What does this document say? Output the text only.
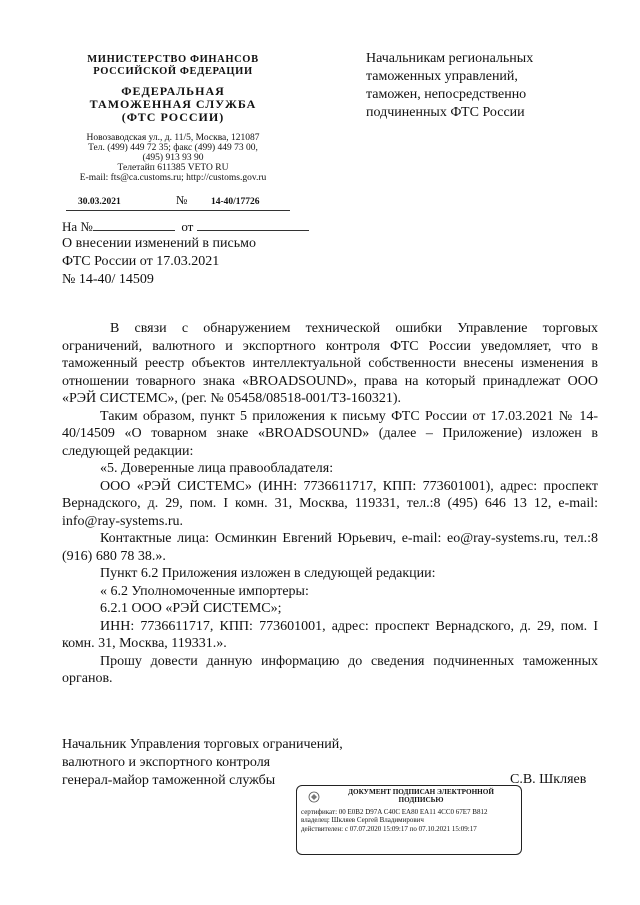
МИНИСТЕРСТВО ФИНАНСОВ
РОССИЙСКОЙ ФЕДЕРАЦИИ
ФЕДЕРАЛЬНАЯ
ТАМОЖЕННАЯ СЛУЖБА
(ФТС РОССИИ)
Новозаводская ул., д. 11/5, Москва, 121087
Тел. (499) 449 72 35; факс (499) 449 73 00,
(495) 913 93 90
Телетайп 611385 VETO RU
E-mail: fts@ca.customs.ru; http://customs.gov.ru
30.03.2021	№ 14-40/17726
На №	от
О внесении изменений в письмо
ФТС России от 17.03.2021
№ 14-40/ 14509
Начальникам региональных
таможенных управлений,
таможен, непосредственно
подчиненных ФТС России

В связи с обнаружением технической ошибки Управление торговых ограничений, валютного и экспортного контроля ФТС России уведомляет, что в таможенный реестр объектов интеллектуальной собственности внесены изменения в отношении товарного знака «BROADSOUND», права на который принадлежат ООО «РЭЙ СИСТЕМС», (рег. № 05458/08518-001/ТЗ-160321).

Таким образом, пункт 5 приложения к письму ФТС России от 17.03.2021 № 14-40/14509 «О товарном знаке «BROADSOUND» (далее – Приложение) изложен в следующей редакции:

«5. Доверенные лица правообладателя:

ООО «РЭЙ СИСТЕМС» (ИНН: 7736611717, КПП: 773601001), адрес: проспект Вернадского, д. 29, пом. I комн. 31, Москва, 119331, тел.:8 (495) 646 13 12, e-mail: info@ray-systems.ru.

Контактные лица: Осминкин Евгений Юрьевич, e-mail: eo@ray-systems.ru, тел.:8 (916) 680 78 38.».

Пункт 6.2 Приложения изложен в следующей редакции:

« 6.2 Уполномоченные импортеры:

6.2.1 ООО «РЭЙ СИСТЕМС»;

ИНН: 7736611717, КПП: 773601001, адрес: проспект Вернадского, д. 29, пом. I комн. 31, Москва, 119331.».

Прошу довести данную информацию до сведения подчиненных таможенных органов.

Начальник Управления торговых ограничений,
валютного и экспортного контроля
генерал-майор таможенной службы	С.В. Шкляев
ДОКУМЕНТ ПОДПИСАН ЭЛЕКТРОННОЙ
ПОДПИСЬЮ
сертификат: 00 E0B2 D97A C40C EA80 EA11 4CC0 67E7 B812
владелец: Шкляев Сергей Владимирович
действителен: с 07.07.2020 15:09:17 по 07.10.2021 15:09:17
